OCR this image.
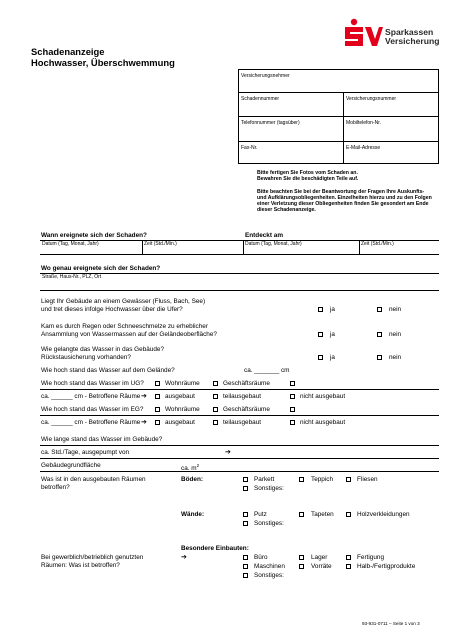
Sparkassen
Versicherung
Schadenanzeige
Hochwasser, Überschwemmung
Versicherungsnehmer
Schadennummer	Versicherungsnummer
Telefonnummer (tagsüber)	Mobiltelefon-Nr.
Fax-Nr.	E-Mail-Adresse
Bitte fertigen Sie Fotos vom Schaden an.
Bewahren Sie die beschädigten Teile auf.
Bitte beachten Sie bei der Beantwortung der Fragen Ihre Auskunfts- und Aufklärungsobliegenheiten. Einzelheiten hierzu und zu den Folgen einer Verletzung dieser Obliegenheiten finden Sie gesondert am Ende dieser Schadenanzeige.
Wann ereignete sich der Schaden?	Entdeckt am
Datum (Tag, Monat, Jahr)	Zeit (Std./Min.)	Datum (Tag, Monat, Jahr)	Zeit (Std./Min.)
Wo genau ereignete sich der Schaden?
Straße, Haus-Nr., PLZ, Ort
Liegt Ihr Gebäude an einem Gewässer (Fluss, Bach, See)
und tret dieses infolge Hochwasser über die Ufer?	ja	nein
Kam es durch Regen oder Schneeschmelze zu erheblicher
Ansammlung von Wassermassen auf der Geländeoberfläche?	ja	nein
Wie gelangte das Wasser in das Gebäude?
Rückstausicherung vorhanden?	ja	nein
Wie hoch stand das Wasser auf dem Gelände?	ca. _______ cm
Wie hoch stand das Wasser im UG?	Wohnräume	Geschäftsräume
ca. ______ cm - Betroffene Räume ➔	ausgebaut	teilausgebaut	nicht ausgebaut
Wie hoch stand das Wasser im EG?	Wohnräume	Geschäftsräume
ca. ______ cm - Betroffene Räume ➔	ausgebaut	teilausgebaut	nicht ausgebaut
Wie lange stand das Wasser im Gebäude?
ca. Std./Tage, ausgepumpt von	➔
Gebäudegrundfläche	ca. $m^2$
Was ist in den ausgebauten Räumen
betroffen?
Böden:	Parkett	Teppich	Fliesen
Sonstiges:
Wände:	Putz	Tapeten	Holzverkleidungen
Sonstiges:
Besondere Einbauten:
Bei gewerblich/betrieblich genutzten
Räumen: Was ist betroffen?
➔	Büro	Lager	Fertigung
Maschinen	Vorräte	Halb-/Fertigprodukte
Sonstiges:
93-931-0711 – Seite 1 von 3
